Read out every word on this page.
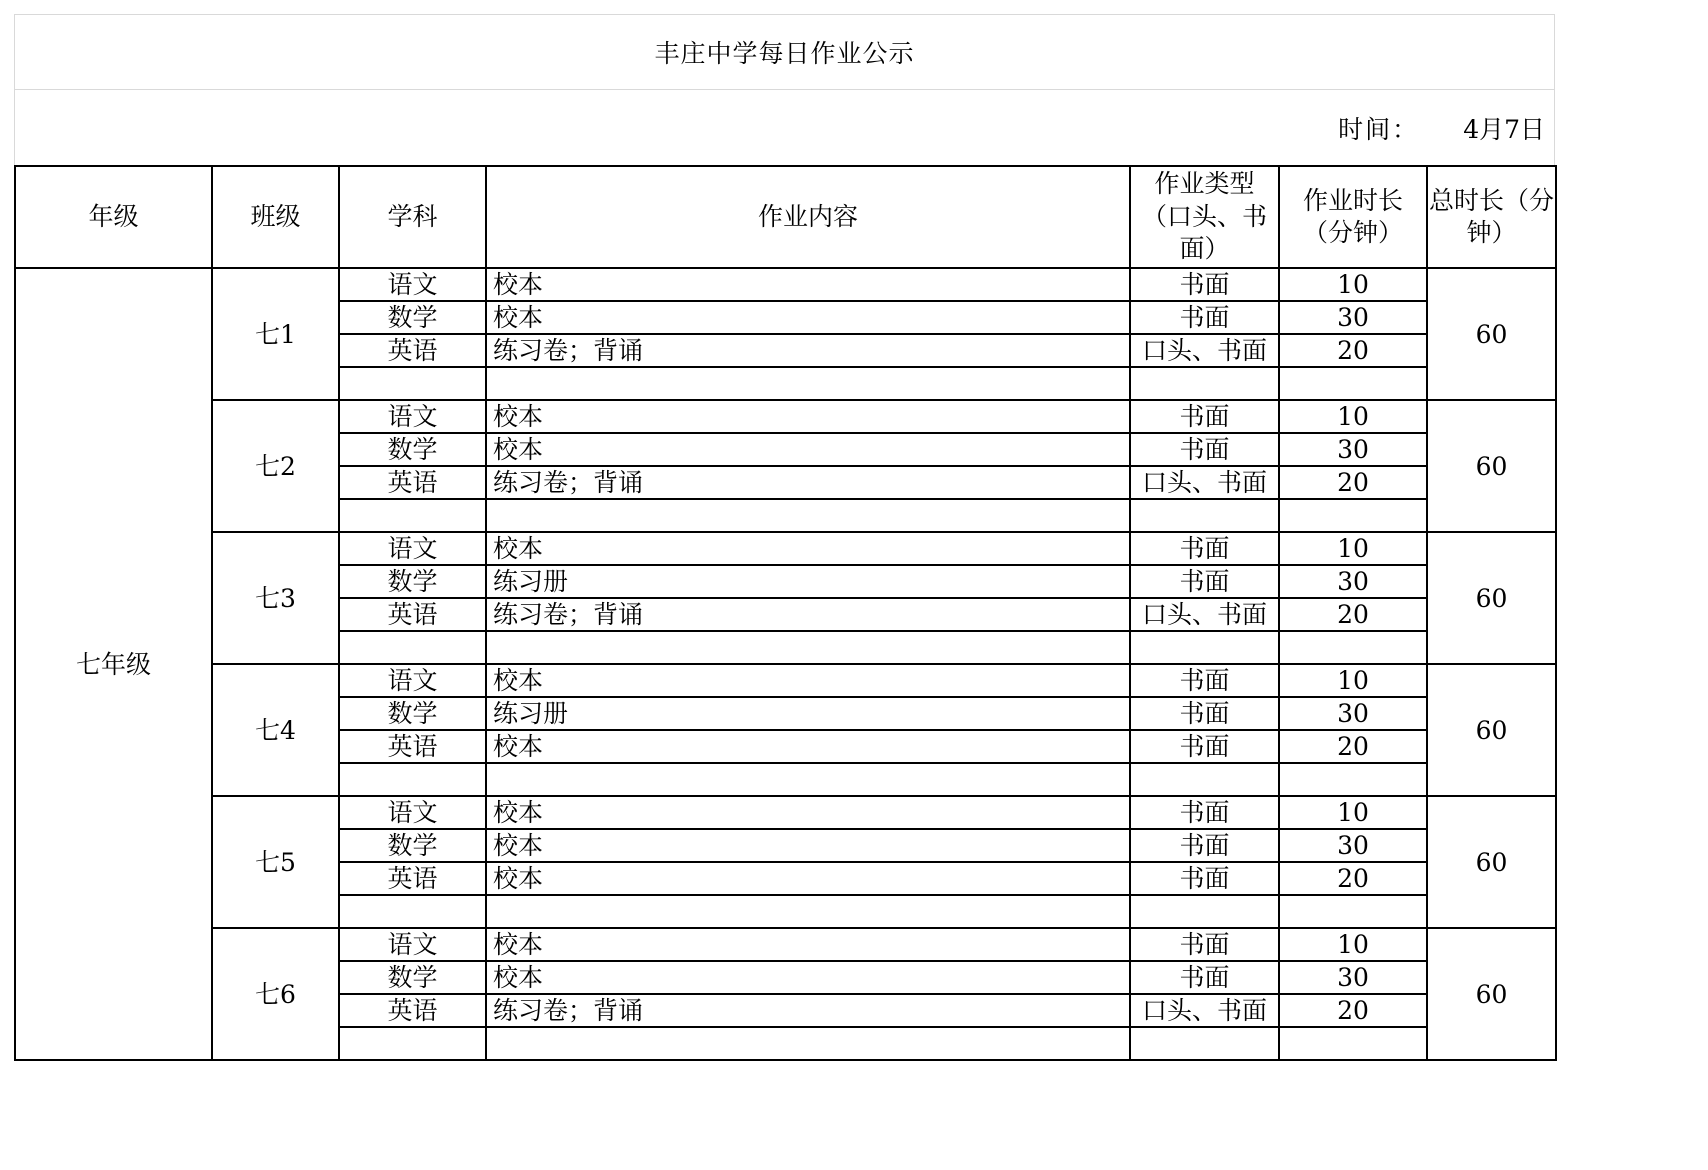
丰庄中学每日作业公示
时间： 4月7日
年级	班级	学科	作业内容	作业类型（口头、书面）	作业时长（分钟）	总时长（分钟）
七年级	七1	语文	校本	书面	10	60
		数学	校本	书面	30	
		英语	练习卷；背诵	口头、书面	20	

	七2	语文	校本	书面	10	60
		数学	校本	书面	30	
		英语	练习卷；背诵	口头、书面	20	

	七3	语文	校本	书面	10	60
		数学	练习册	书面	30	
		英语	练习卷；背诵	口头、书面	20	

	七4	语文	校本	书面	10	60
		数学	练习册	书面	30	
		英语	校本	书面	20	

	七5	语文	校本	书面	10	60
		数学	校本	书面	30	
		英语	校本	书面	20	

	七6	语文	校本	书面	10	60
		数学	校本	书面	30	
		英语	练习卷；背诵	口头、书面	20	
